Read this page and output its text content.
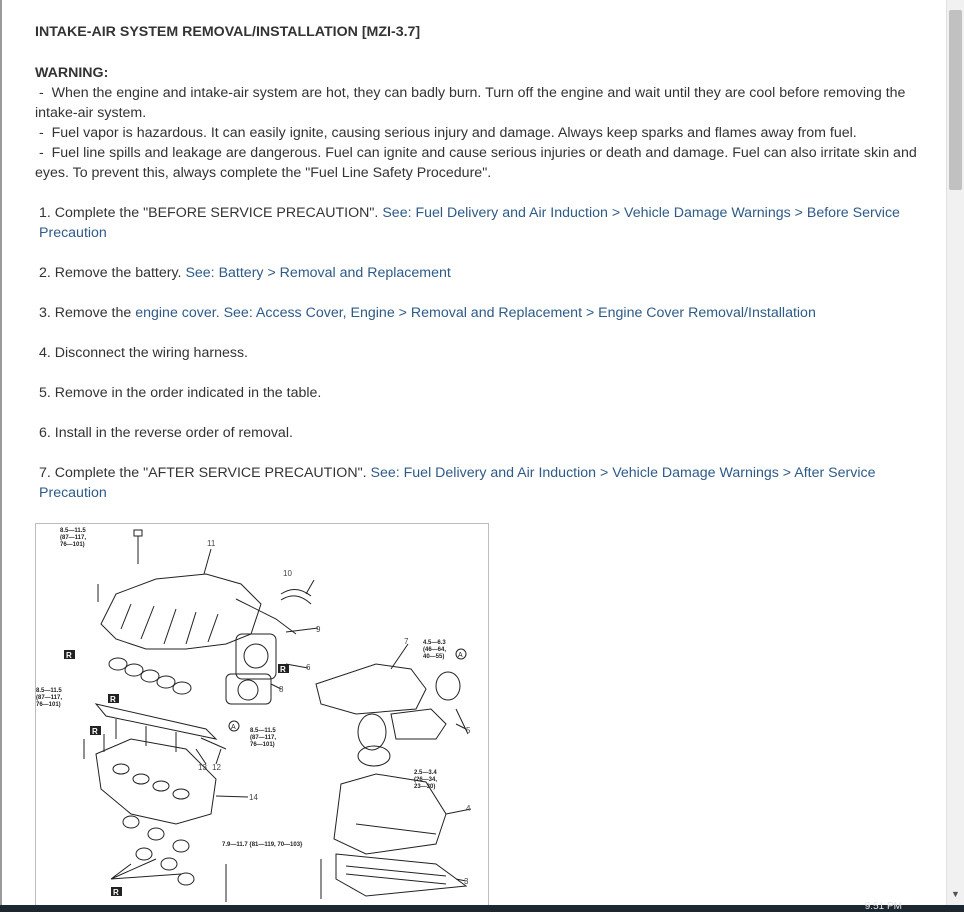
INTAKE-AIR SYSTEM REMOVAL/INSTALLATION [MZI-3.7]
WARNING:
-  When the engine and intake-air system are hot, they can badly burn. Turn off the engine and wait until they are cool before removing the intake-air system.
-  Fuel vapor is hazardous. It can easily ignite, causing serious injury and damage. Always keep sparks and flames away from fuel.
-  Fuel line spills and leakage are dangerous. Fuel can ignite and cause serious injuries or death and damage. Fuel can also irritate skin and eyes. To prevent this, always complete the "Fuel Line Safety Procedure".
1. Complete the "BEFORE SERVICE PRECAUTION". See: Fuel Delivery and Air Induction > Vehicle Damage Warnings > Before Service Precaution
2. Remove the battery. See: Battery > Removal and Replacement
3. Remove the engine cover. See: Access Cover, Engine > Removal and Replacement > Engine Cover Removal/Installation
4. Disconnect the wiring harness.
5. Remove in the order indicated in the table.
6. Install in the reverse order of removal.
7. Complete the "AFTER SERVICE PRECAUTION". See: Fuel Delivery and Air Induction > Vehicle Damage Warnings > After Service Precaution
R
R
R
R
R
A
A
8.5—11.5
(87—117,
76—101)
8.5—11.5
(87—117,
76—101)
8.5—11.5
(87—117,
76—101)
4.5—6.3
(46—64,
40—55)
2.5—3.4
(26—34,
23—30)
7.9—11.7 {81—119, 70—103}
3
4
5
6
7
8
9
10
11
12
13
14
▼
9:51 PM
